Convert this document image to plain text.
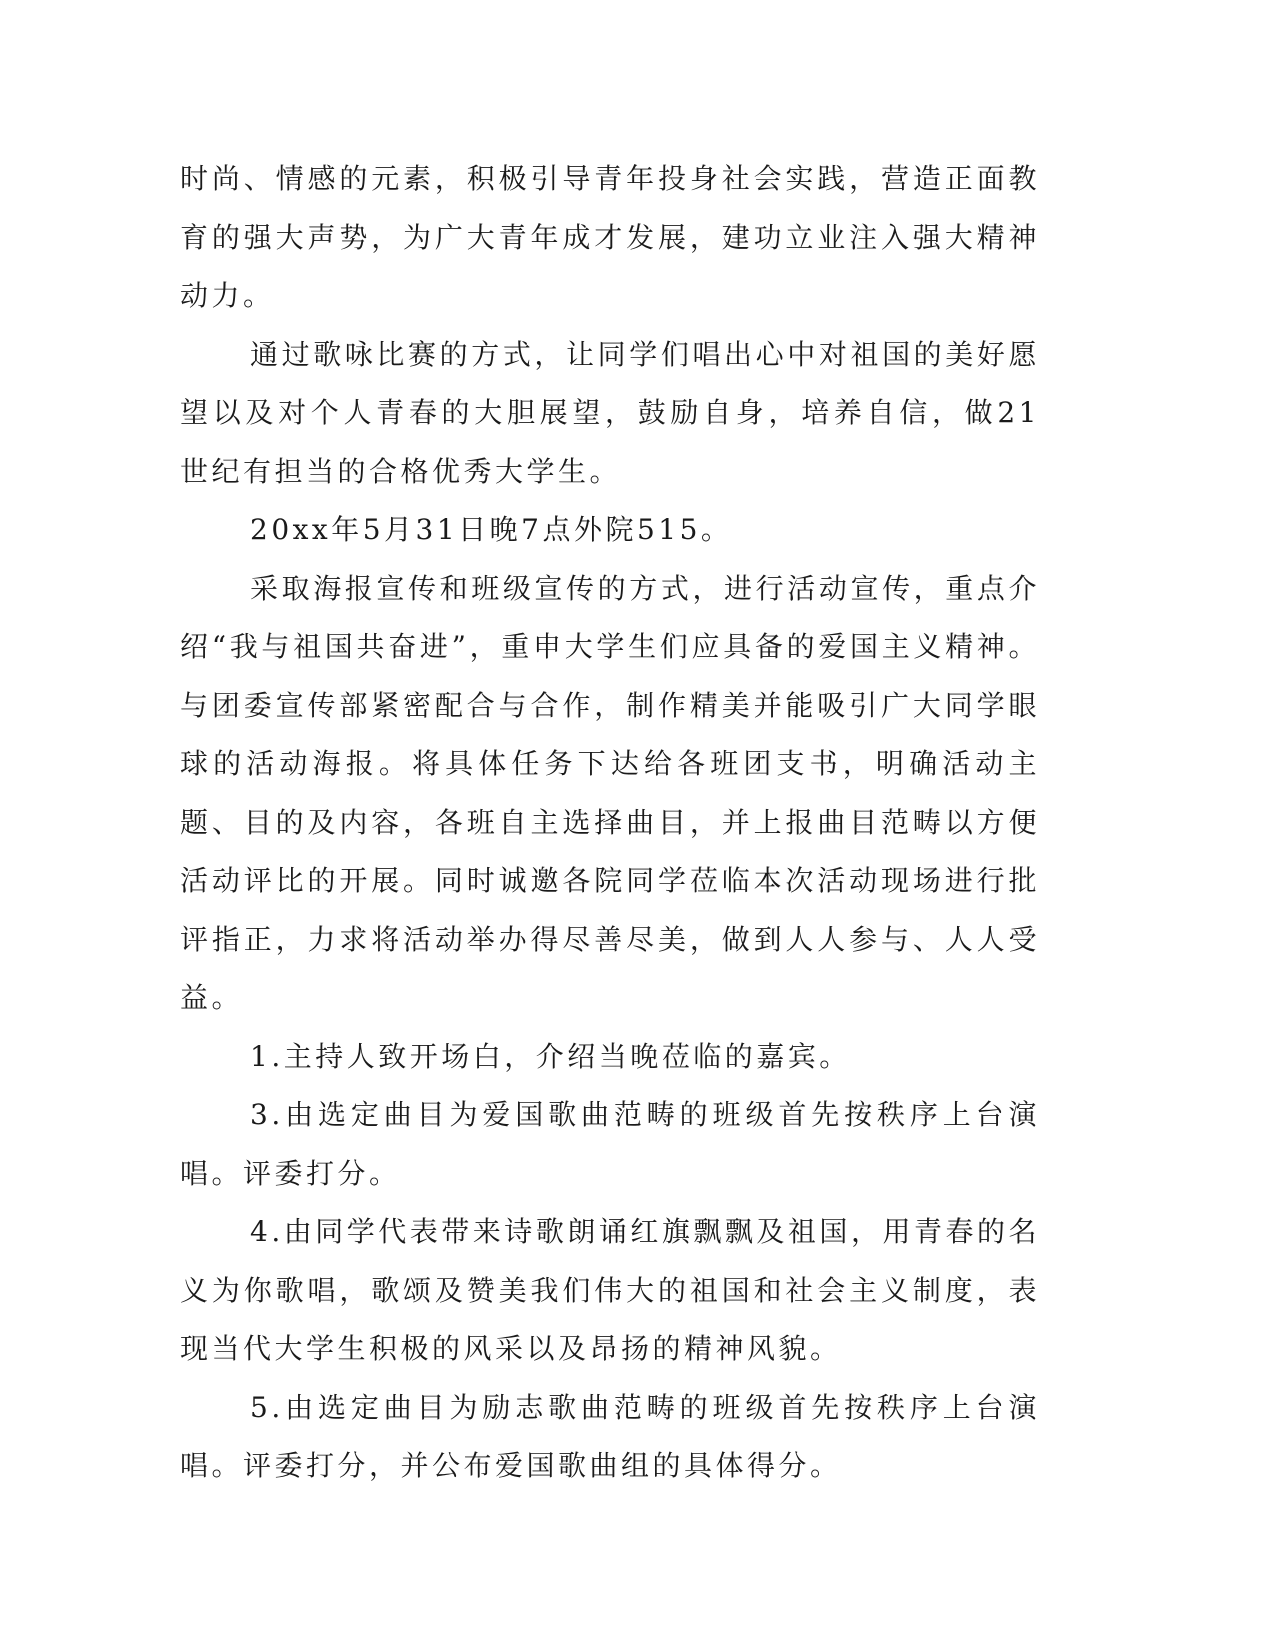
时尚、情感的元素，积极引导青年投身社会实践，营造正面教育的强大声势，为广大青年成才发展，建功立业注入强大精神动力。

通过歌咏比赛的方式，让同学们唱出心中对祖国的美好愿望以及对个人青春的大胆展望，鼓励自身，培养自信，做21世纪有担当的合格优秀大学生。

20xx年5月31日晚7点外院515。

采取海报宣传和班级宣传的方式，进行活动宣传，重点介绍“我与祖国共奋进”，重申大学生们应具备的爱国主义精神。与团委宣传部紧密配合与合作，制作精美并能吸引广大同学眼球的活动海报。将具体任务下达给各班团支书，明确活动主题、目的及内容，各班自主选择曲目，并上报曲目范畴以方便活动评比的开展。同时诚邀各院同学莅临本次活动现场进行批评指正，力求将活动举办得尽善尽美，做到人人参与、人人受益。

1.主持人致开场白，介绍当晚莅临的嘉宾。

3.由选定曲目为爱国歌曲范畴的班级首先按秩序上台演唱。评委打分。

4.由同学代表带来诗歌朗诵红旗飘飘及祖国，用青春的名义为你歌唱，歌颂及赞美我们伟大的祖国和社会主义制度，表现当代大学生积极的风采以及昂扬的精神风貌。

5.由选定曲目为励志歌曲范畴的班级首先按秩序上台演唱。评委打分，并公布爱国歌曲组的具体得分。
